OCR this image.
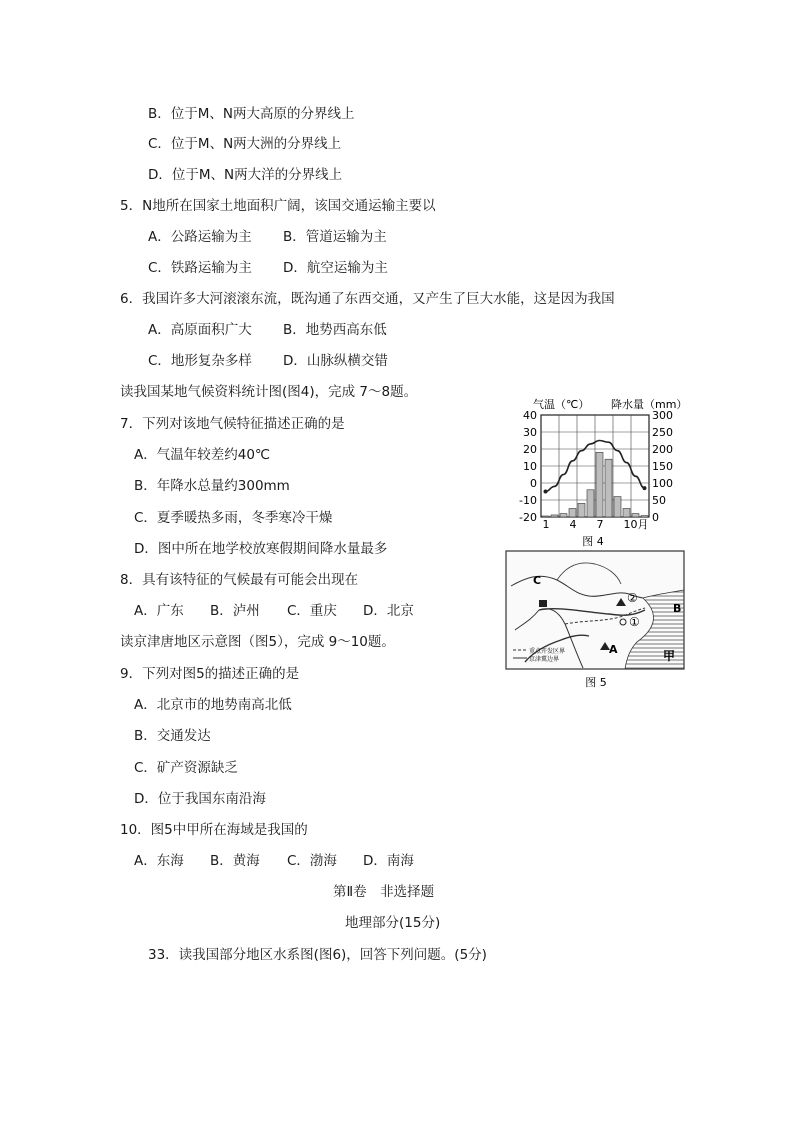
B．位于M、N两大高原的分界线上
C．位于M、N两大洲的分界线上
D．位于M、N两大洋的分界线上
5．N地所在国家土地面积广阔，该国交通运输主要以
A．公路运输为主 B．管道运输为主
C．铁路运输为主 D．航空运输为主
6．我国许多大河滚滚东流，既沟通了东西交通，又产生了巨大水能，这是因为我国
A．高原面积广大 B．地势西高东低
C．地形复杂多样 D．山脉纵横交错
读我国某地气候资料统计图(图4)，完成 7～8题。
7．下列对该地气候特征描述正确的是
A．气温年较差约40℃
B．年降水总量约300mm
C．夏季暖热多雨，冬季寒冷干燥
D．图中所在地学校放寒假期间降水量最多
8．具有该特征的气候最有可能会出现在
A．广东 B．泸州 C．重庆 D．北京
读京津唐地区示意图（图5），完成 9～10题。
9．下列对图5的描述正确的是
A．北京市的地势南高北低
B．交通发达
C．矿产资源缺乏
D．位于我国东南沿海
10．图5中甲所在海域是我国的
A．东海 B．黄海 C．渤海 D．南海
第Ⅱ卷　非选择题
地理部分(15分)
33．读我国部分地区水系图(图6)，回答下列问题。(5分)
气温（℃） 降水量（mm）
40
30
20
10
0
-10
-20
300
250
200
150
100
50
0
1 4 7 10月
图 4
C
B
A
②
①
甲
重点开发区界
京津冀边界
图 5
